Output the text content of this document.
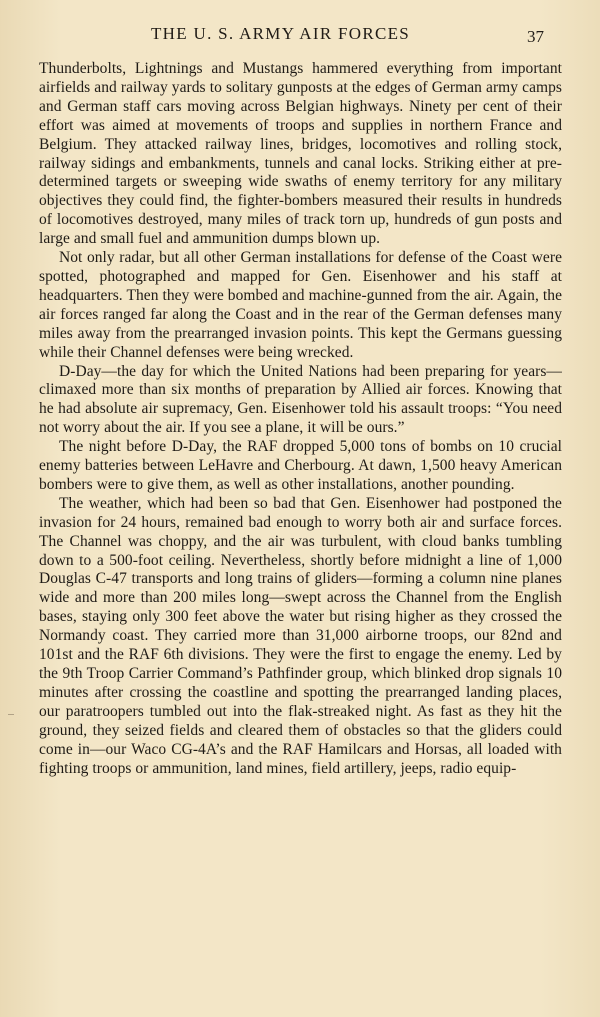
THE U. S. ARMY AIR FORCES	37

Thunderbolts, Lightnings and Mustangs hammered everything from important airfields and railway yards to solitary gunposts at the edges of German army camps and German staff cars moving across Belgian highways. Ninety per cent of their effort was aimed at movements of troops and supplies in northern France and Belgium. They attacked railway lines, bridges, locomotives and rolling stock, railway sidings and embankments, tunnels and canal locks. Striking either at pre-determined targets or sweeping wide swaths of enemy territory for any military objectives they could find, the fighter-bombers measured their results in hundreds of locomotives destroyed, many miles of track torn up, hundreds of gun posts and large and small fuel and ammunition dumps blown up.

Not only radar, but all other German installations for defense of the Coast were spotted, photographed and mapped for Gen. Eisenhower and his staff at headquarters. Then they were bombed and machine-gunned from the air. Again, the air forces ranged far along the Coast and in the rear of the German defenses many miles away from the prearranged invasion points. This kept the Germans guessing while their Channel defenses were being wrecked.

D-Day—the day for which the United Nations had been preparing for years—climaxed more than six months of preparation by Allied air forces. Knowing that he had absolute air supremacy, Gen. Eisenhower told his assault troops: “You need not worry about the air. If you see a plane, it will be ours.”

The night before D-Day, the RAF dropped 5,000 tons of bombs on 10 crucial enemy batteries between LeHavre and Cherbourg. At dawn, 1,500 heavy American bombers were to give them, as well as other installations, another pounding.

The weather, which had been so bad that Gen. Eisenhower had postponed the invasion for 24 hours, remained bad enough to worry both air and surface forces. The Channel was choppy, and the air was turbulent, with cloud banks tumbling down to a 500-foot ceiling. Nevertheless, shortly before midnight a line of 1,000 Douglas C-47 transports and long trains of gliders—forming a column nine planes wide and more than 200 miles long—swept across the Channel from the English bases, staying only 300 feet above the water but rising higher as they crossed the Normandy coast. They carried more than 31,000 airborne troops, our 82nd and 101st and the RAF 6th divisions. They were the first to engage the enemy. Led by the 9th Troop Carrier Command’s Pathfinder group, which blinked drop signals 10 minutes after crossing the coastline and spotting the prearranged landing places, our paratroopers tumbled out into the flak-streaked night. As fast as they hit the ground, they seized fields and cleared them of obstacles so that the gliders could come in—our Waco CG-4A’s and the RAF Hamilcars and Horsas, all loaded with fighting troops or ammunition, land mines, field artillery, jeeps, radio equip-
